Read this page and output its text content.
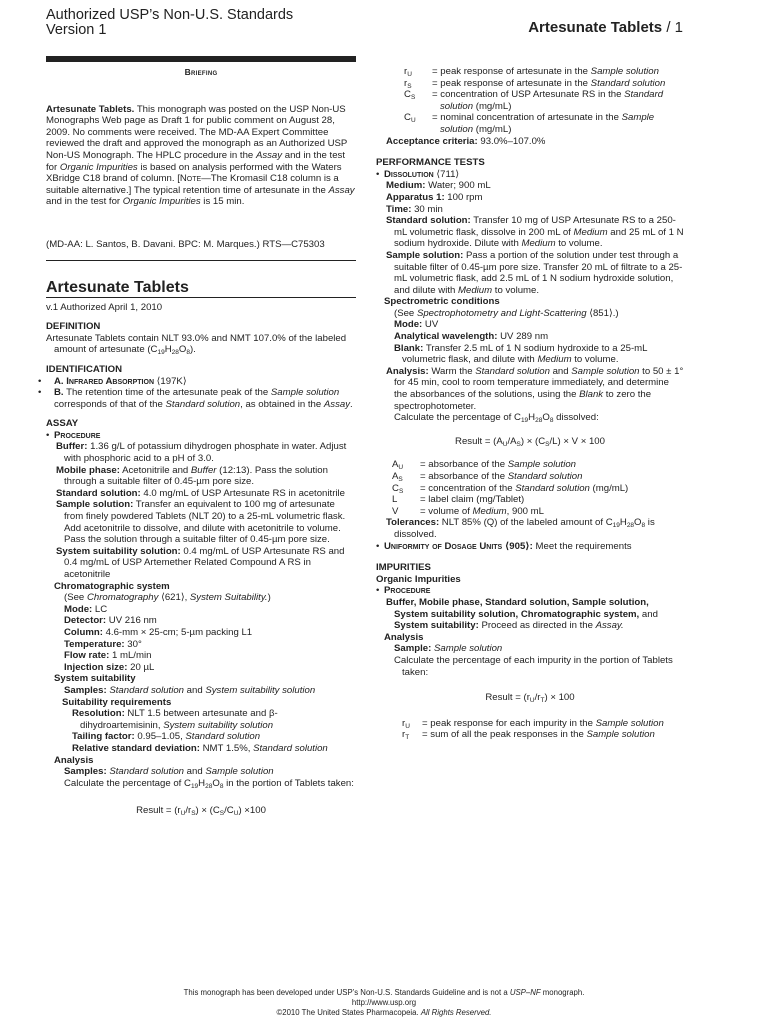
Authorized USP’s Non-U.S. Standards
Version 1	Artesunate Tablets / 1
Briefing

Artesunate Tablets. This monograph was posted on the USP Non-US Monographs Web page as Draft 1 for public comment on August 28, 2009. No comments were received. The MD-AA Expert Committee reviewed the draft and approved the monograph as an Authorized USP Non-US Monograph. The HPLC procedure in the Assay and in the test for Organic Impurities is based on analysis performed with the Waters XBridge C18 brand of column. [Note—The Kromasil C18 column is a suitable alternative.] The typical retention time of artesunate in the Assay and in the test for Organic Impurities is 15 min.

(MD-AA: L. Santos, B. Davani. BPC: M. Marques.) RTS—C75303

Artesunate Tablets
v.1 Authorized April 1, 2010
DEFINITION

Artesunate Tablets contain NLT 93.0% and NMT 107.0% of the labeled amount of artesunate $(C_{19}H_{28}O_8)$.

IDENTIFICATION

• A. Infrared Absorption ⟨197K⟩

• B. The retention time of the artesunate peak of the Sample solution corresponds of that of the Standard solution, as obtained in the Assay.

ASSAY

• Procedure

Buffer: 1.36 g/L of potassium dihydrogen phosphate in water. Adjust with phosphoric acid to a pH of 3.0.

Mobile phase: Acetonitrile and Buffer (12:13). Pass the solution through a suitable filter of 0.45-µm pore size.

Standard solution: 4.0 mg/mL of USP Artesunate RS in acetonitrile

Sample solution: Transfer an equivalent to 100 mg of artesunate from finely powdered Tablets (NLT 20) to a 25-mL volumetric flask. Add acetonitrile to dissolve, and dilute with acetonitrile to volume. Pass the solution through a suitable filter of 0.45-µm pore size.

System suitability solution: 0.4 mg/mL of USP Artesunate RS and 0.4 mg/mL of USP Artemether Related Compound A RS in acetonitrile

Chromatographic system

(See Chromatography ⟨621⟩, System Suitability.)

Mode: LC

Detector: UV 216 nm

Column: 4.6-mm × 25-cm; 5-µm packing L1

Temperature: 30°

Flow rate: 1 mL/min

Injection size: 20 µL

System suitability

Samples: Standard solution and System suitability solution

Suitability requirements

Resolution: NLT 1.5 between artesunate and β-dihydroartemisinin, System suitability solution

Tailing factor: 0.95–1.05, Standard solution

Relative standard deviation: NMT 1.5%, Standard solution

Analysis

Samples: Standard solution and Sample solution

Calculate the percentage of $C_{19}H_{28}O_8$ in the portion of Tablets taken:

Result = $(r_U/r_S) \times (C_S/C_U) \times 100$

$r_U$	= peak response of artesunate in the Sample solution
$r_S$	= peak response of artesunate in the Standard solution
$C_S$	= concentration of USP Artesunate RS in the Standard solution (mg/mL)
$C_U$	= nominal concentration of artesunate in the Sample solution (mg/mL)

Acceptance criteria: 93.0%–107.0%

PERFORMANCE TESTS

• Dissolution ⟨711⟩

Medium: Water; 900 mL

Apparatus 1: 100 rpm

Time: 30 min

Standard solution: Transfer 10 mg of USP Artesunate RS to a 250-mL volumetric flask, dissolve in 200 mL of Medium and 25 mL of 1 N sodium hydroxide. Dilute with Medium to volume.

Sample solution: Pass a portion of the solution under test through a suitable filter of 0.45-µm pore size. Transfer 20 mL of filtrate to a 25-mL volumetric flask, add 2.5 mL of 1 N sodium hydroxide solution, and dilute with Medium to volume.

Spectrometric conditions

(See Spectrophotometry and Light-Scattering ⟨851⟩.)

Mode: UV

Analytical wavelength: UV 289 nm

Blank: Transfer 2.5 mL of 1 N sodium hydroxide to a 25-mL volumetric flask, and dilute with Medium to volume.

Analysis: Warm the Standard solution and Sample solution to 50 ± 1° for 45 min, cool to room temperature immediately, and determine the absorbances of the solutions, using the Blank to zero the spectrophotometer.

Calculate the percentage of $C_{19}H_{28}O_8$ dissolved:

Result = $(A_U/A_S) \times (C_S/L) \times V \times 100$

$A_U$	= absorbance of the Sample solution
$A_S$	= absorbance of the Standard solution
$C_S$	= concentration of the Standard solution (mg/mL)
L	= label claim (mg/Tablet)
V	= volume of Medium, 900 mL

Tolerances: NLT 85% (Q) of the labeled amount of $C_{19}H_{28}O_8$ is dissolved.

• Uniformity of Dosage Units ⟨905⟩: Meet the requirements

IMPURITIES

Organic Impurities

• Procedure

Buffer, Mobile phase, Standard solution, Sample solution, System suitability solution, Chromatographic system, and System suitability: Proceed as directed in the Assay.

Analysis

Sample: Sample solution

Calculate the percentage of each impurity in the portion of Tablets taken:

Result = $(r_U/r_T) \times 100$

$r_U$	= peak response for each impurity in the Sample solution
$r_T$	= sum of all the peak responses in the Sample solution
This monograph has been developed under USP’s Non-U.S. Standards Guideline and is not a USP–NF monograph.
http://www.usp.org
©2010 The United States Pharmacopeia. All Rights Reserved.
